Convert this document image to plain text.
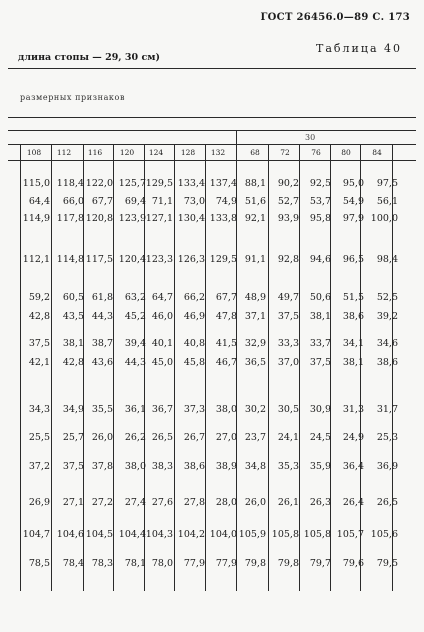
ГОСТ 26456.0—89 С. 173
Таблица 40
длина стопы — 29, 30 см)
размерных признаков
30
108	112	116	120	124	128	132	68	72	76	80	84
115,0 118,4 122,0 125,7 129,5 133,4 137,4 88,1	90,2	92,5	95,0	97,5
64,4	66,0 67,7	69,4 71,1	73,0	74,9 51,6	52,7	53,7	54,9	56,1
114,9 117,8 120,8 123,9 127,1 130,4 133,8 92,1	93,9	95,8	97,9 100,0
112,1 114,8 117,5 120,4 123,3 126,3 129,5 91,1	92,8	94,6	96,5	98,4
59,2	60,5 61,8	63,2 64,7	66,2	67,7 48,9	49,7	50,6	51,5	52,5
42,8	43,5 44,3	45,2 46,0	46,9	47,8 37,1	37,5	38,1	38,6	39,2
37,5	38,1 38,7	39,4 40,1	40,8	41,5 32,9	33,3	33,7	34,1	34,6
42,1	42,8 43,6	44,3 45,0	45,8	46,7 36,5	37,0	37,5	38,1	38,6
34,3	34,9 35,5	36,1 36,7	37,3	38,0 30,2	30,5	30,9	31,3	31,7
25,5	25,7 26,0	26,2 26,5	26,7	27,0 23,7	24,1	24,5	24,9	25,3
37,2	37,5 37,8	38,0 38,3	38,6	38,9 34,8	35,3	35,9	36,4	36,9
26,9	27,1 27,2	27,4 27,6	27,8	28,0 26,0	26,1	26,3	26,4	26,5
104,7 104,6 104,5 104,4 104,3 104,2 104,0 105,9 105,8 105,8 105,7 105,6
78,5	78,4 78,3	78,1 78,0	77,9	77,9 79,8	79,8	79,7	79,6	79,5
